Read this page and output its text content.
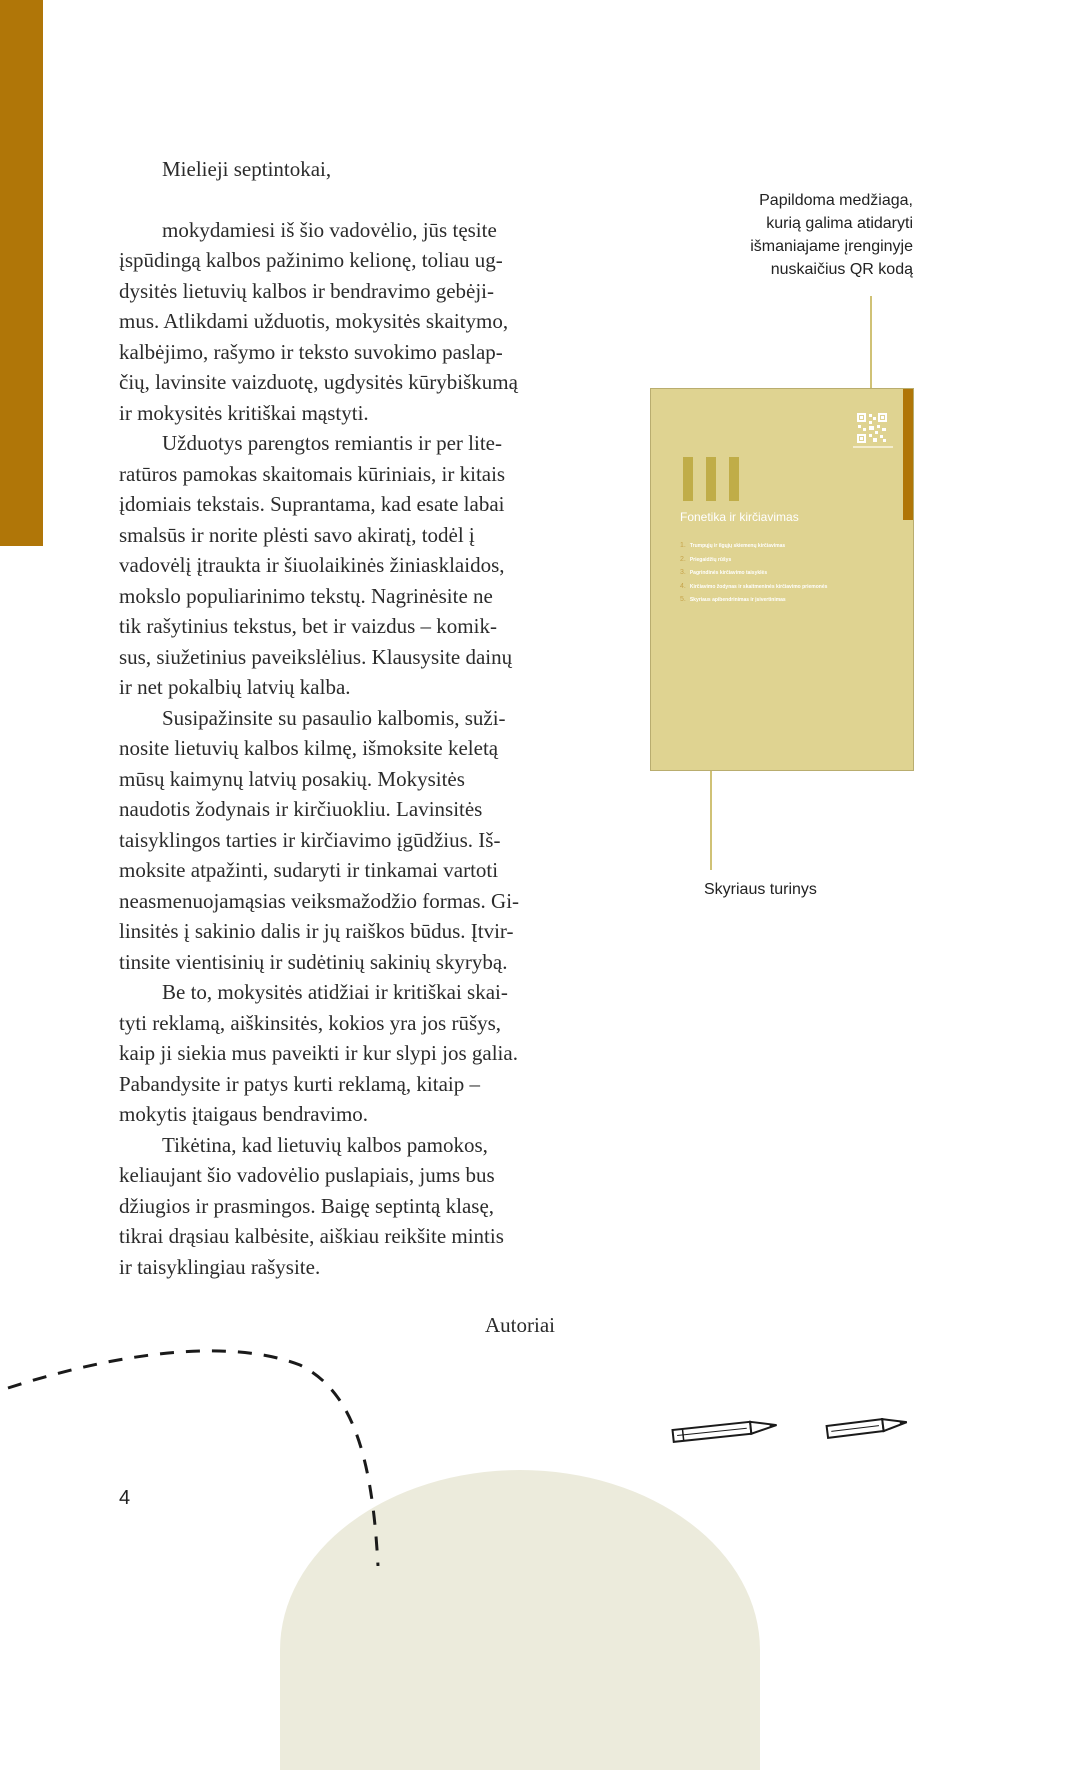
Mielieji septintokai,

mokydamiesi iš šio vadovėlio, jūs tęsite
įspūdingą kalbos pažinimo kelionę, toliau ug-
dysitės lietuvių kalbos ir bendravimo gebėji-
mus. Atlikdami užduotis, mokysitės skaitymo,
kalbėjimo, rašymo ir teksto suvokimo paslap-
čių, lavinsite vaizduotę, ugdysitės kūrybiškumą
ir mokysitės kritiškai mąstyti.

Užduotys parengtos remiantis ir per lite-
ratūros pamokas skaitomais kūriniais, ir kitais
įdomiais tekstais. Suprantama, kad esate labai
smalsūs ir norite plėsti savo akiratį, todėl į
vadovėlį įtraukta ir šiuolaikinės žiniasklaidos,
mokslo populiarinimo tekstų. Nagrinėsite ne
tik rašytinius tekstus, bet ir vaizdus – komik-
sus, siužetinius paveikslėlius. Klausysite dainų
ir net pokalbių latvių kalba.

Susipažinsite su pasaulio kalbomis, suži-
nosite lietuvių kalbos kilmę, išmoksite keletą
mūsų kaimynų latvių posakių. Mokysitės
naudotis žodynais ir kirčiuokliu. Lavinsitės
taisyklingos tarties ir kirčiavimo įgūdžius. Iš-
moksite atpažinti, sudaryti ir tinkamai vartoti
neasmenuojamąsias veiksmažodžio formas. Gi-
linsitės į sakinio dalis ir jų raiškos būdus. Įtvir-
tinsite vientisinių ir sudėtinių sakinių skyrybą.

Be to, mokysitės atidžiai ir kritiškai skai-
tyti reklamą, aiškinsitės, kokios yra jos rūšys,
kaip ji siekia mus paveikti ir kur slypi jos galia.
Pabandysite ir patys kurti reklamą, kitaip –
mokytis įtaigaus bendravimo.

Tikėtina, kad lietuvių kalbos pamokos,
keliaujant šio vadovėlio puslapiais, jums bus
džiugios ir prasmingos. Baigę septintą klasę,
tikrai drąsiau kalbėsite, aiškiau reikšite mintis
ir taisyklingiau rašysite.

Autoriai
Papildoma medžiaga,
kurią galima atidaryti
išmaniajame įrenginyje
nuskaičius QR kodą
Fonetika ir kirčiavimas
1. Trumpųjų ir ilgųjų skiemenų kirčiavimas
2. Priegaidžių rūšys
3. Pagrindinės kirčiavimo taisyklės
4. Kirčiavimo žodynas ir skaitmeninės kirčiavimo priemonės
5. Skyriaus apibendrinimas ir įsivertinimas
Skyriaus turinys
4
